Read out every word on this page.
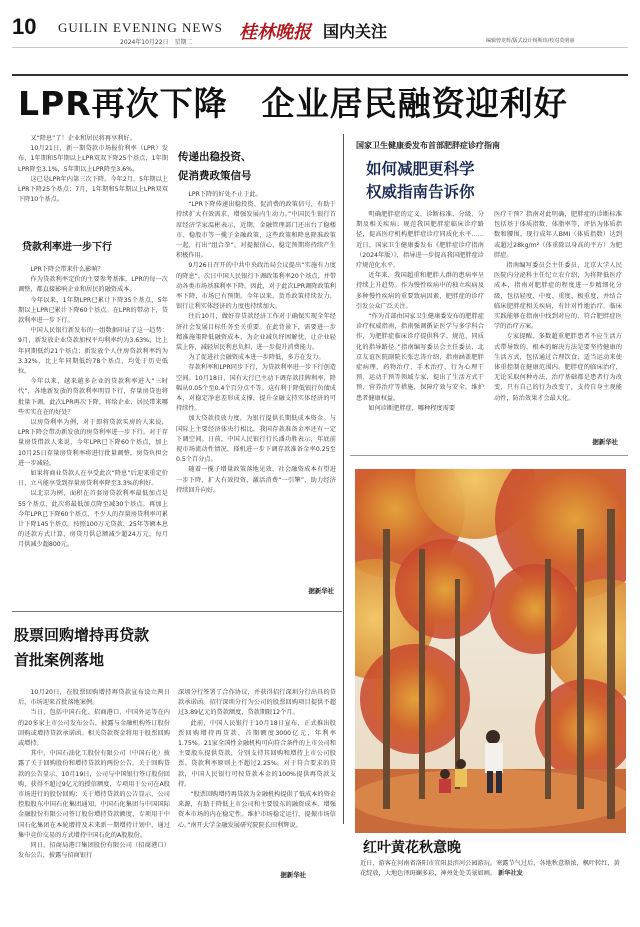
10 GUILIN EVENING NEWS 桂林晚报 国内关注
2024年10月22日　星期二	编辑曾龙辉/版式设计杨斯玮/校对莫明丽
LPR再次下降　企业居民融资迎利好

又“降息”了！企业和居民将再享利好。

10月21日，新一期贷款市场报价利率（LPR）发布，1年期和5年期以上LPR双双下降25个基点，1年期LPR降至3.1%，5年期以上LPR降至3.6%。

这已是LPR年内第三次下降。今年2月，5年期以上LPR下降25个基点；7月，1年期和5年期以上LPR双双下降10个基点。

贷款利率进一步下行

LPR下降会带来什么影响？

作为贷款利率定价的主要参考基准，LPR的每一次调整，都直接影响企业和居民的融资成本。

今年以来，1年期LPR已累计下降35个基点，5年期以上LPR已累计下降60个基点。在LPR的带动下，贷款利率进一步下行。

中国人民银行新发布的一组数据印证了这一趋势：9月，新发放企业贷款加权平均利率约为3.63%，比上年同期低约21个基点；新发放个人住房贷款利率约为3.32%，比上年同期低约78个基点，均处于历史低位。

今年以来，越来越多企业的贷款利率进入“三时代”，各地新发放的贷款利率明显下行，存量房贷也将批量下调。此次LPR再次下降，将给企业、居民带来哪些实实在在的好处？

以房贷利率为例，对于即将贷款买房的人来说，LPR下降会带动新发放的房贷利率进一步下行。对于存量房贷借款人来说，今年LPR已下降60个基点，加上10月25日存量房贷利率将进行批量调整，房贷负担会进一步减轻。

如果将商业贷款人在享受此次“降息”后迎来重定价日，立马能享受到存量房贷利率降至3.3%的利好。

以北京为例，面积在首套房贷款利率最低加点是55个基点，此次将最低加点降至减30个基点。再加上今年LPR已下降60个基点，不少人的存量房贷利率可累计下降145个基点。按照100万元贷款、25年等额本息的还款方式计算，房贷月供总额减少超24万元，每月月供减少超800元。

传递出稳投资、
促消费政策信号

LPR下降的好处不止于此。

“LPR下降传递出稳投资、促消费的政策信号，有助于持续扩大有效需求，增强发展内生动力。”中国民生银行首席经济学家温彬表示，近期，金融管理部门还出台了稳楼市、稳股市等一揽子金融政策，这些政策和降息降准政策一起，打出“组合拳”，对提振信心、稳定预期将持续产生积极作用。

9月26日召开的中共中央政治局会议提出“实施有力度的降息”。次日中国人民银行下调政策利率20个基点，并带动各类市场基准利率下降。因此，对于此次LPR调降政策利率下降，市场已有预期。今年以来，货币政策持续发力，银行让利实体经济的力度也持续加大。

往后10月，做好存贷款经济工作对于确保实现全年经济社会发展目标任务至关重要。在此背景下，需要进一步精准施策降低融资成本，为企业减负纾困解忧，让企业轻装上阵，减轻居民利息负担，进一步提升消费能力。

为了促进社会融资成本进一步降低，多方在发力。

存款利率和LPR同步下行，为贷款利率进一步下行创造空间。10月18日，国有大行已主动下调存款挂牌利率，降幅从0.05个至0.4个百分点不等。这有利于降低银行负债成本，对稳定净息差形成支撑，提升金融支持实体经济的可持续性。

加大贷款投放力度，为银行提供长期低成本资金。与国际上主要经济体央行相比，我国存款准备金率还有一定下调空间。日前，中国人民银行行长潘功胜表示，年底前视市场流动性情况，择机进一步下调存款准备金率0.25至0.5个百分点。

随着一揽子增量政策落地见效，社会融资成本有望进一步下降，扩大有效投资，激活消费“一引擎”，助力经济持续回升向好。

据新华社
国家卫生健康委发布首部肥胖症诊疗指南
如何减肥更科学
权威指南告诉你

明确肥胖症的定义、诊断标准、分级、分期及相关疾病；规范我国肥胖症临床诊疗路径，提高医疗机构肥胖症诊疗同质化水平……近日，国家卫生健康委发布《肥胖症诊疗指南（2024年版）》，指导进一步提高我国肥胖症诊疗规范化水平。

近年来，我国超重和肥胖人群的患病率呈持续上升趋势。作为慢性疾病中的独立疾病及多种慢性疾病的重要致病因素，肥胖症的诊疗引发公众广泛关注。

“作为首部由国家卫生健康委发布的肥胖症诊疗权威指南，指南强调循证医学与多学科合作，为肥胖症临床诊疗提供科学、规范、同质化的指导路径。”指南编写委员会主任委员、北京友谊医院副院长张忠涛介绍，指南涵盖肥胖症病理、药物治疗、手术治疗、行为心理干预、运动干预等领域专家，提出了生活方式干预、营养治疗等措施，保障疗效与安全，维护患者健康权益。

如何诊断肥胖症，哪种程度需要

医疗干预？指南对此明确，肥胖症的诊断标准包括基于体质指数、体脂率等，评估为体质指数和腰围。现行成年人BMI（体质指数）达到或超过28kg/m²（体重除以身高的平方）为肥胖症。

指南编写委员会主任委员、北京大学人民医院内分泌科主任纪立农介绍，为将降低医疗成本，指南对肥胖症的程度进一步精细化分级，包括轻度、中度、重度、极重度，并结合临床肥胖症相关疾病，有针对性地治疗，临床实践能够在指南中找到对应的、符合肥胖症医学的治疗方案。

专家提醒，多数超重肥胖患者不应生活方式带导致的，根本的解决方法是要坚持健康的生活方式，包括通过合理饮食、适当运动来使体重控制在健康范围内。肥胖症的临床治疗，无论采取何种办法，治疗基础都是患者行为改变，只有自己的行为改变了，支持自身主观能动性，防治效果才会最大化。

据新华社
股票回购增持再贷款
首批案例落地

10月20日，在股票回购增持再贷款宣布设立两日后，市场迎来首批落地案例。

当日，包括中国石化、招商港口、中国外运等在内的20多家上市公司发布公告，披露与金融机构签订股份回购或增持贷款承诺函。相关贷款资金将用于股票回购或增持。

其中，中国石油化工股份有限公司（中国石化）披露了关于回购股份和增持贷款的两份公告。关于回购贷款的公告显示，10月19日，公司与中国银行签订股份回购，获得不超过9亿元的授信额度，专项用于公司在A股市场进行的股份回购；关于增持贷款的公告显示，公司控股股东中国石化集团通知，中国石化集团与中国国际金融股份有限公司签订股份增持贷款额度，专项用于中国石化集团在本轮增持及未来新一期增持计划中，通过集中竞价交易的方式增持中国石化的A股股份。

同日，招商局港口集团股份有限公司（招商港口）发布公告，披露与招商银行

深圳分行签署了合作协议，并获得招行深圳分行出具的贷款承诺函。招行深圳分行为公司的股票回购项目提供不超过3.89亿元的贷款额度，贷款期限12个月。

此前，中国人民银行于10月18日宣布，正式推出股票回购增持再贷款，首期额度3000亿元，年利率1.75%。21家全国性金融机构可向符合条件的上市公司和主要股东提供贷款，分别支持其回购和增持上市公司股票。贷款利率原则上不超过2.25%。对于符合要求的贷款，中国人民银行可按贷款本金的100%提供再贷款支持。

“股票回购增持再贷款为金融机构提供了低成本的资金来源，有助于降低上市公司和主要股东的融资成本，增强资本市场的内在稳定性。维护市场稳定运行，提振市场信心。”南开大学金融发展研究院院长田利辉说。

据新华社
红叶黄花秋意晚
近日，游客在河南省洛阳市宜阳县滨河公园游玩。寒露节气过后，各地秋意渐浓，枫叶转红，黄花绽放，大地色泽斑斓多彩，神州处处美景如画。 新华社发
